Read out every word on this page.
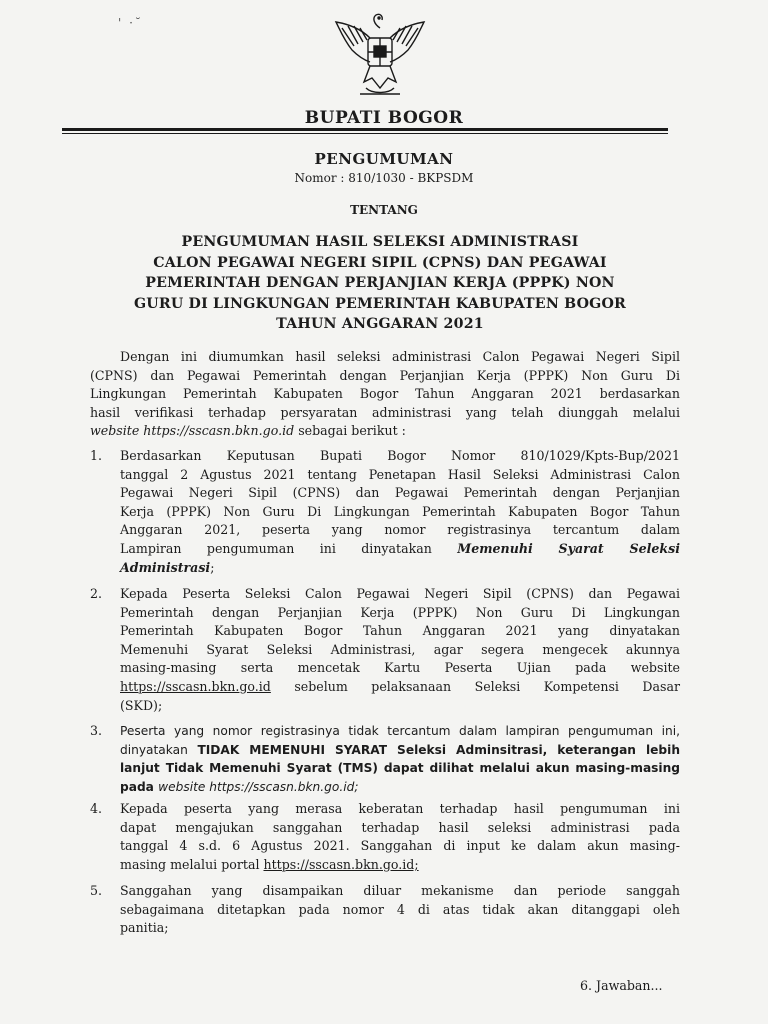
' ·˘
BUPATI BOGOR
PENGUMUMAN
Nomor : 810/1030 - BKPSDM
TENTANG
PENGUMUMAN HASIL SELEKSI ADMINISTRASI
CALON PEGAWAI NEGERI SIPIL (CPNS) DAN PEGAWAI
PEMERINTAH DENGAN PERJANJIAN KERJA (PPPK) NON
GURU DI LINGKUNGAN PEMERINTAH KABUPATEN BOGOR
TAHUN ANGGARAN 2021
Dengan ini diumumkan hasil seleksi administrasi Calon Pegawai Negeri Sipil
(CPNS) dan Pegawai Pemerintah dengan Perjanjian Kerja (PPPK) Non Guru Di
Lingkungan Pemerintah Kabupaten Bogor Tahun Anggaran 2021 berdasarkan
hasil verifikasi terhadap persyaratan administrasi yang telah diunggah melalui
website https://sscasn.bkn.go.id sebagai berikut :
1. Berdasarkan Keputusan Bupati Bogor Nomor 810/1029/Kpts-Bup/2021
tanggal 2 Agustus 2021 tentang Penetapan Hasil Seleksi Administrasi Calon
Pegawai Negeri Sipil (CPNS) dan Pegawai Pemerintah dengan Perjanjian
Kerja (PPPK) Non Guru Di Lingkungan Pemerintah Kabupaten Bogor Tahun
Anggaran 2021, peserta yang nomor registrasinya tercantum dalam
Lampiran pengumuman ini dinyatakan Memenuhi Syarat Seleksi
Administrasi;
2. Kepada Peserta Seleksi Calon Pegawai Negeri Sipil (CPNS) dan Pegawai
Pemerintah dengan Perjanjian Kerja (PPPK) Non Guru Di Lingkungan
Pemerintah Kabupaten Bogor Tahun Anggaran 2021 yang dinyatakan
Memenuhi Syarat Seleksi Administrasi, agar segera mengecek akunnya
masing-masing serta mencetak Kartu Peserta Ujian pada website
https://sscasn.bkn.go.id sebelum pelaksanaan Seleksi Kompetensi Dasar
(SKD);
3. Peserta yang nomor registrasinya tidak tercantum dalam lampiran pengumuman ini,
dinyatakan TIDAK MEMENUHI SYARAT Seleksi Adminsitrasi, keterangan lebih
lanjut Tidak Memenuhi Syarat (TMS) dapat dilihat melalui akun masing-masing
pada website https://sscasn.bkn.go.id;
4. Kepada peserta yang merasa keberatan terhadap hasil pengumuman ini
dapat mengajukan sanggahan terhadap hasil seleksi administrasi pada
tanggal 4 s.d. 6 Agustus 2021. Sanggahan di input ke dalam akun masing-
masing melalui portal https://sscasn.bkn.go.id;
5. Sanggahan yang disampaikan diluar mekanisme dan periode sanggah
sebagaimana ditetapkan pada nomor 4 di atas tidak akan ditanggapi oleh
panitia;
6. Jawaban...
